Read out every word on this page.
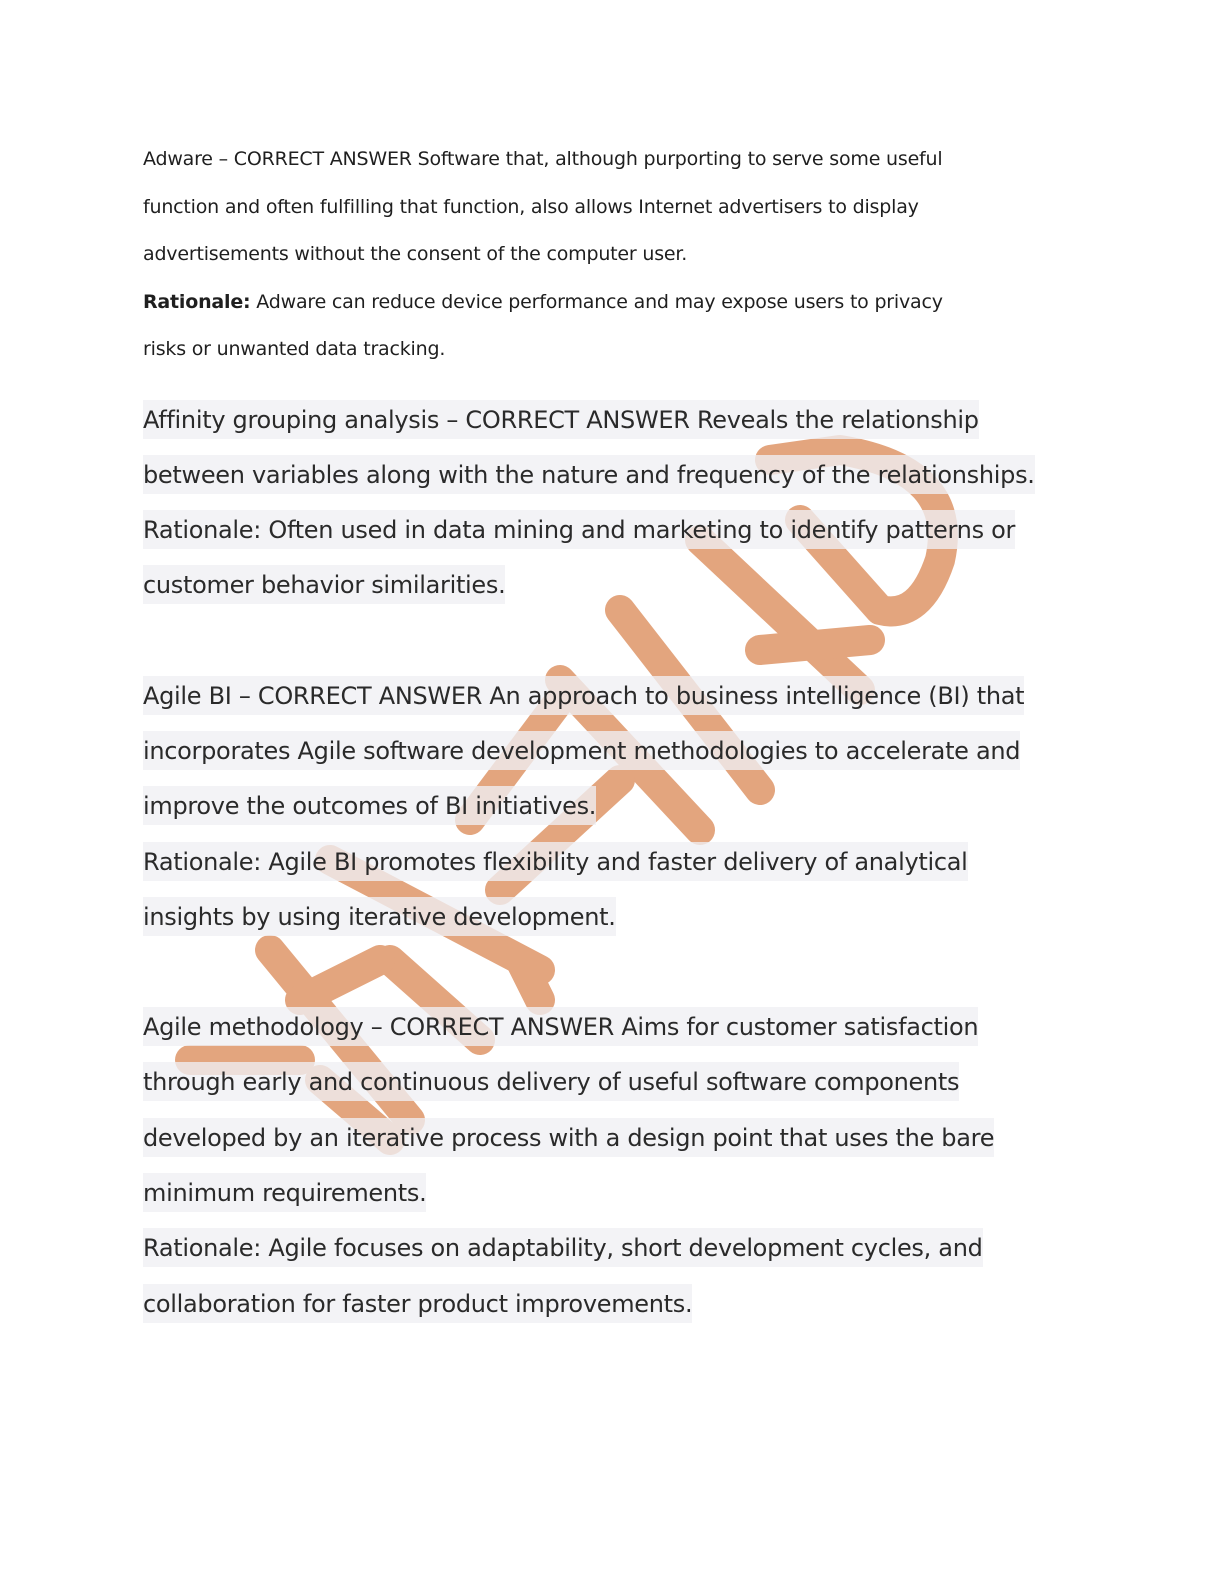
Adware – CORRECT ANSWER Software that, although purporting to serve some useful
function and often fulfilling that function, also allows Internet advertisers to display
advertisements without the consent of the computer user.
Rationale: Adware can reduce device performance and may expose users to privacy
risks or unwanted data tracking.
Affinity grouping analysis – CORRECT ANSWER Reveals the relationship
between variables along with the nature and frequency of the relationships.
Rationale: Often used in data mining and marketing to identify patterns or
customer behavior similarities.
Agile BI – CORRECT ANSWER An approach to business intelligence (BI) that
incorporates Agile software development methodologies to accelerate and
improve the outcomes of BI initiatives.
Rationale: Agile BI promotes flexibility and faster delivery of analytical
insights by using iterative development.
Agile methodology – CORRECT ANSWER Aims for customer satisfaction
through early and continuous delivery of useful software components
developed by an iterative process with a design point that uses the bare
minimum requirements.
Rationale: Agile focuses on adaptability, short development cycles, and
collaboration for faster product improvements.
